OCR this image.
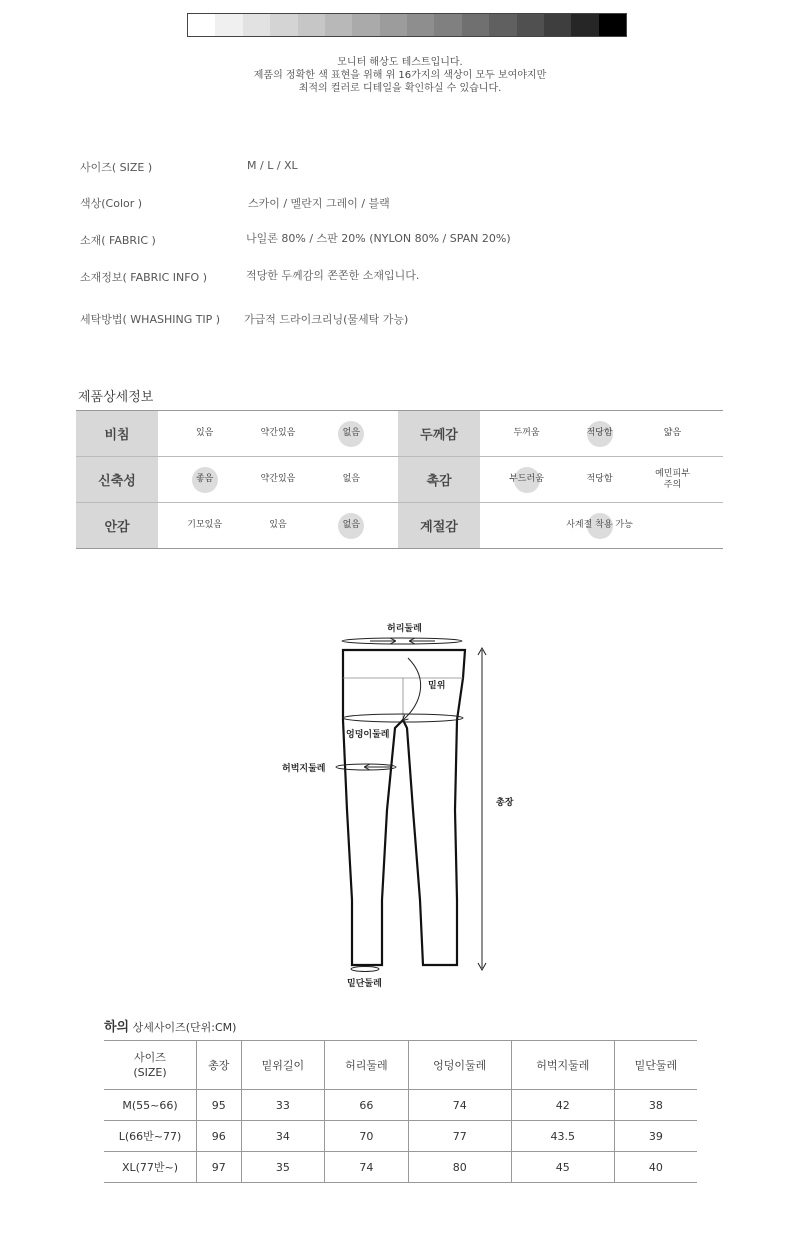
모니터 해상도 테스트입니다.
제품의 정확한 색 표현을 위해 위 16가지의 색상이 모두 보여야지만
최적의 컬러로 디테일을 확인하실 수 있습니다.
사이즈( SIZE )	M / L / XL
색상(Color )	스카이 / 멜란지 그레이 / 블랙
소재( FABRIC )	나일론 80% / 스판 20% (NYLON 80% / SPAN 20%)
소재정보( FABRIC INFO )	적당한 두께감의 쫀쫀한 소재입니다.
세탁방법( WHASHING TIP ) 가급적 드라이크리닝(물세탁 가능)
제품상세정보
비침	있음	약간있음	없음	두께감	두꺼움	적당함	얇음
신축성	좋음	약간있음	없음	촉감	부드러움	적당함
예민피부
주의
안감	기모있음	있음	없음	계절감	사계절 착용 가능
허리둘레
밑위
엉덩이둘레
허벅지둘레
총장
밑단둘레
하의 상세사이즈(단위:CM)
사이즈
(SIZE)	총장	밑위길이	허리둘레	엉덩이둘레	허벅지둘레	밑단둘레
M(55~66)	95	33	66	74	42	38
L(66반~77)	96	34	70	77	43.5	39
XL(77반~)	97	35	74	80	45	40
